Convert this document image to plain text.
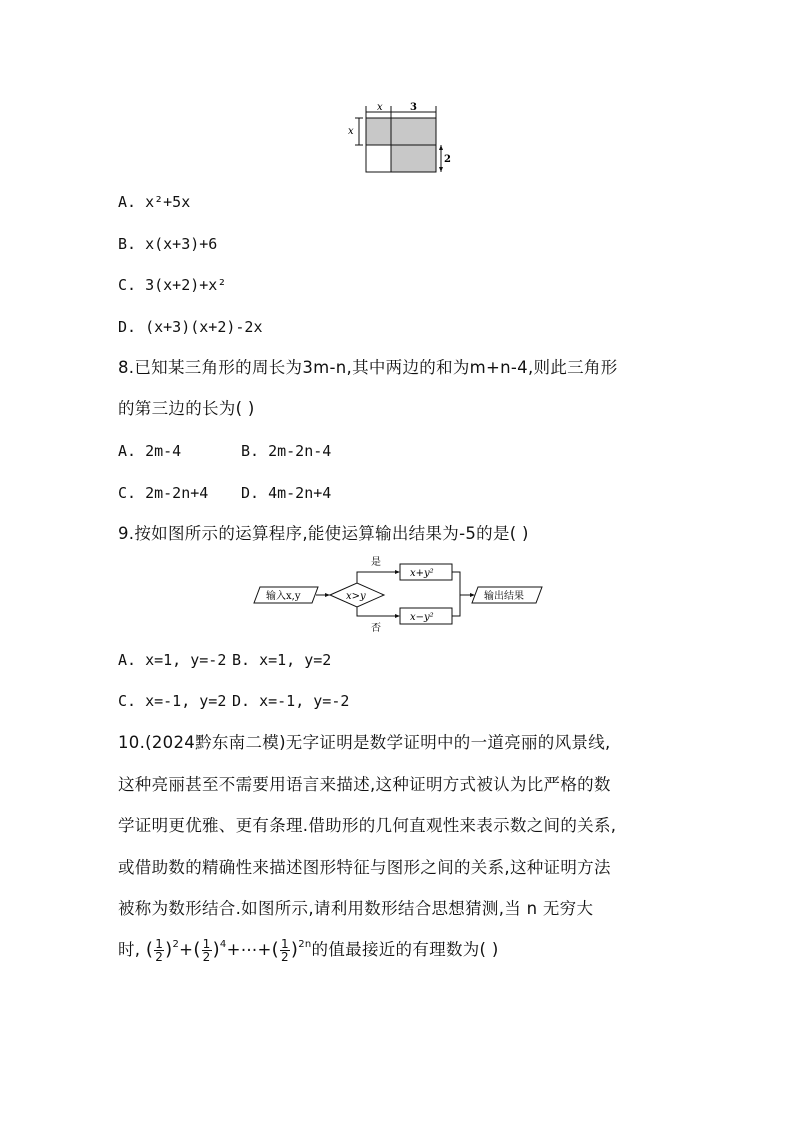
x	3
x
2
A. x²+5x
B. x(x+3)+6
C. 3(x+2)+x²
D. (x+3)(x+2)-2x
8.已知某三角形的周长为3m-n,其中两边的和为m+n-4,则此三角形
的第三边的长为( )
A. 2m-4	B. 2m-2n-4
C. 2m-2n+4 D. 4m-2n+4
9.按如图所示的运算程序,能使运算输出结果为-5的是( )
输入x,y	x>y
是
x+y²
否
x−y²
输出结果
A. x=1, y=-2 B. x=1, y=2
C. x=-1, y=2 D. x=-1, y=-2
10.(2024黔东南二模)无字证明是数学证明中的一道亮丽的风景线,
这种亮丽甚至不需要用语言来描述,这种证明方式被认为比严格的数
学证明更优雅、更有条理.借助形的几何直观性来表示数之间的关系,
或借助数的精确性来描述图形特征与图形之间的关系,这种证明方法
被称为数形结合.如图所示,请利用数形结合思想猜测,当 n 无穷大
时, ( $\frac{1}{2} )^2+( \frac{1}{2}$ )$^4+\cdots+( \frac{1}{2} )^{2n}$的值最接近的有理数为( )
